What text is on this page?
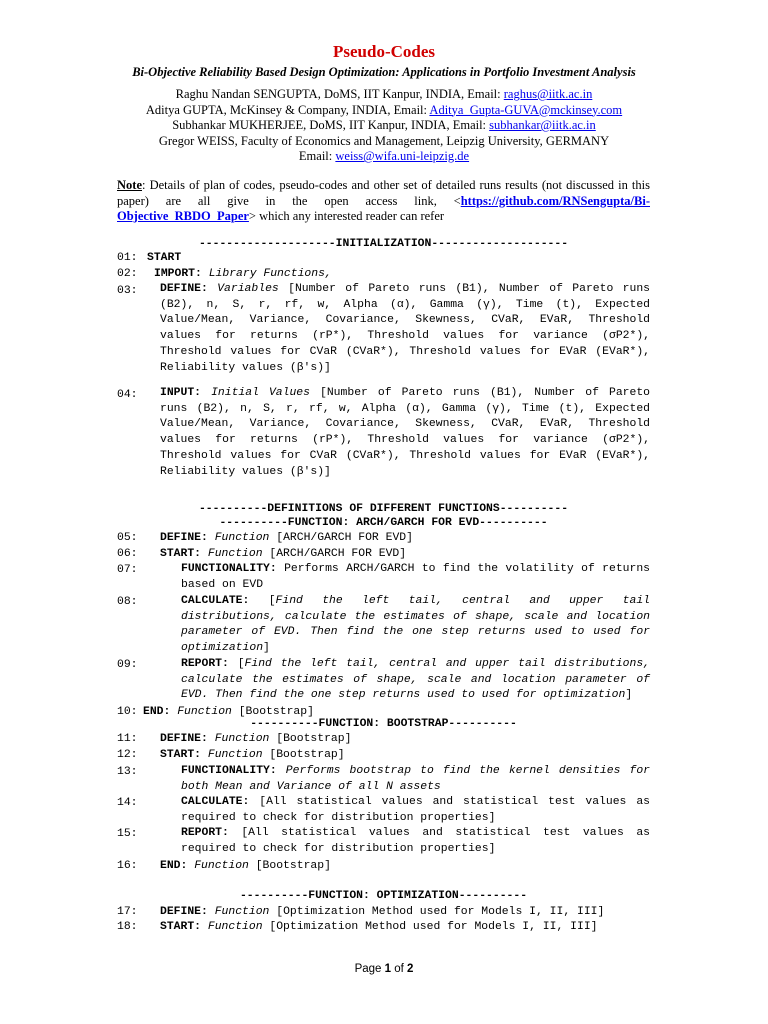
Pseudo-Codes
Bi-Objective Reliability Based Design Optimization: Applications in Portfolio Investment Analysis
Raghu Nandan SENGUPTA, DoMS, IIT Kanpur, INDIA, Email: raghus@iitk.ac.in
Aditya GUPTA, McKinsey & Company, INDIA, Email: Aditya_Gupta-GUVA@mckinsey.com
Subhankar MUKHERJEE, DoMS, IIT Kanpur, INDIA, Email: subhankar@iitk.ac.in
Gregor WEISS, Faculty of Economics and Management, Leipzig University, GERMANY
Email: weiss@wifa.uni-leipzig.de
Note: Details of plan of codes, pseudo-codes and other set of detailed runs results (not discussed in this paper) are all give in the open access link, <https://github.com/RNSengupta/Bi-Objective_RBDO_Paper> which any interested reader can refer
--------------------INITIALIZATION--------------------
01: START
02: IMPORT: Library Functions,
03: DEFINE: Variables [Number of Pareto runs (B1), Number of Pareto runs (B2), n, S, r, rf, w, Alpha (α), Gamma (γ), Time (t), Expected Value/Mean, Variance, Covariance, Skewness, CVaR, EVaR, Threshold values for returns (rP*), Threshold values for variance (σP2*), Threshold values for CVaR (CVaR*), Threshold values for EVaR (EVaR*), Reliability values (β's)]
04: INPUT: Initial Values [Number of Pareto runs (B1), Number of Pareto runs (B2), n, S, r, rf, w, Alpha (α), Gamma (γ), Time (t), Expected Value/Mean, Variance, Covariance, Skewness, CVaR, EVaR, Threshold values for returns (rP*), Threshold values for variance (σP2*), Threshold values for CVaR (CVaR*), Threshold values for EVaR (EVaR*), Reliability values (β's)]
----------DEFINITIONS OF DIFFERENT FUNCTIONS----------
----------FUNCTION: ARCH/GARCH FOR EVD----------
05: DEFINE: Function [ARCH/GARCH FOR EVD]
06: START: Function [ARCH/GARCH FOR EVD]
07:	FUNCTIONALITY: Performs ARCH/GARCH to find the volatility of returns based on EVD
08:	CALCULATE: [Find the left tail, central and upper tail distributions, calculate the estimates of shape, scale and location parameter of EVD. Then find the one step returns used to used for optimization]
09:	REPORT: [Find the left tail, central and upper tail distributions, calculate the estimates of shape, scale and location parameter of EVD. Then find the one step returns used to used for optimization]
10: END: Function [Bootstrap]
----------FUNCTION: BOOTSTRAP----------
11: DEFINE: Function [Bootstrap]
12: START: Function [Bootstrap]
13:	FUNCTIONALITY: Performs bootstrap to find the kernel densities for both Mean and Variance of all N assets
14:	CALCULATE: [All statistical values and statistical test values as required to check for distribution properties]
15:	REPORT: [All statistical values and statistical test values as required to check for distribution properties]
16: END: Function [Bootstrap]
----------FUNCTION: OPTIMIZATION----------
17: DEFINE: Function [Optimization Method used for Models I, II, III]
18: START: Function [Optimization Method used for Models I, II, III]
Page 1 of 2
